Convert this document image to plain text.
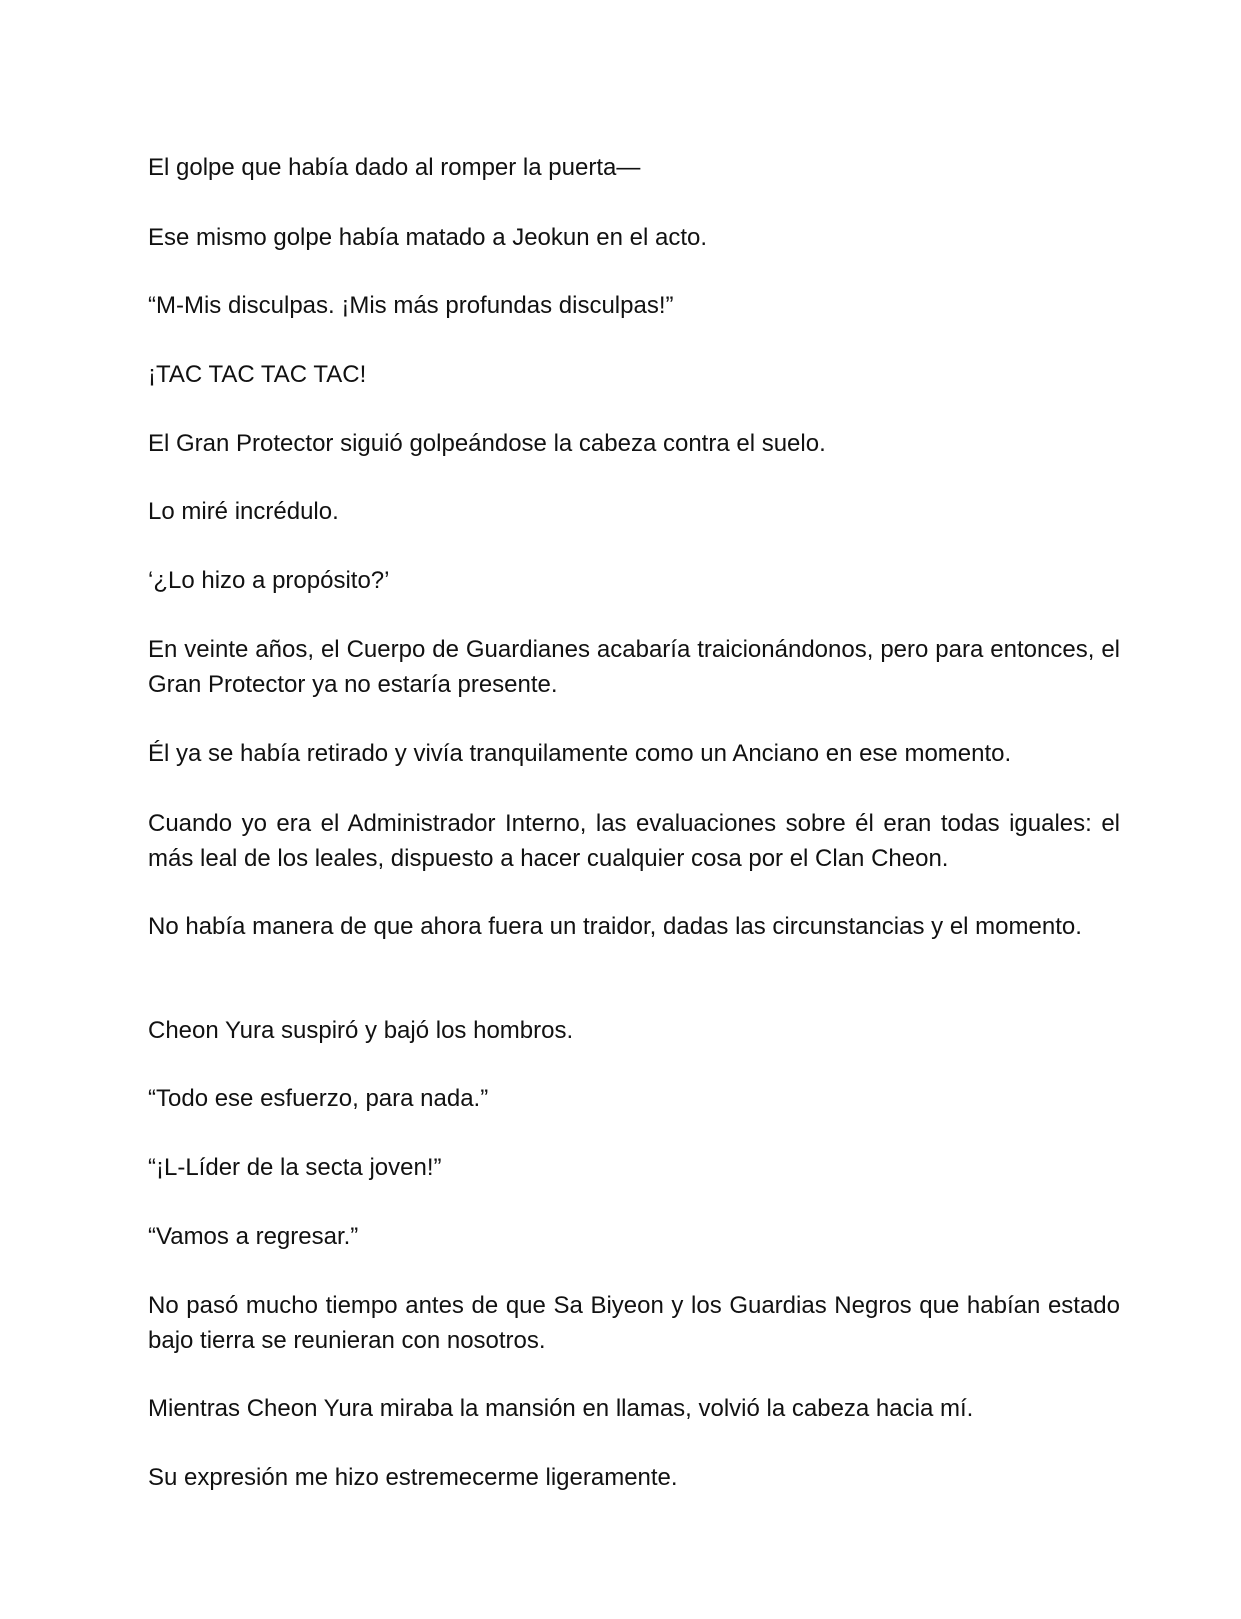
El golpe que había dado al romper la puerta—

Ese mismo golpe había matado a Jeokun en el acto.

“M-Mis disculpas. ¡Mis más profundas disculpas!”

¡TAC TAC TAC TAC!

El Gran Protector siguió golpeándose la cabeza contra el suelo.

Lo miré incrédulo.

‘¿Lo hizo a propósito?’

En veinte años, el Cuerpo de Guardianes acabaría traicionándonos, pero para entonces, el Gran Protector ya no estaría presente.

Él ya se había retirado y vivía tranquilamente como un Anciano en ese momento.

Cuando yo era el Administrador Interno, las evaluaciones sobre él eran todas iguales: el más leal de los leales, dispuesto a hacer cualquier cosa por el Clan Cheon.

No había manera de que ahora fuera un traidor, dadas las circunstancias y el momento.

Cheon Yura suspiró y bajó los hombros.

“Todo ese esfuerzo, para nada.”

“¡L-Líder de la secta joven!”

“Vamos a regresar.”

No pasó mucho tiempo antes de que Sa Biyeon y los Guardias Negros que habían estado bajo tierra se reunieran con nosotros.

Mientras Cheon Yura miraba la mansión en llamas, volvió la cabeza hacia mí.

Su expresión me hizo estremecerme ligeramente.
